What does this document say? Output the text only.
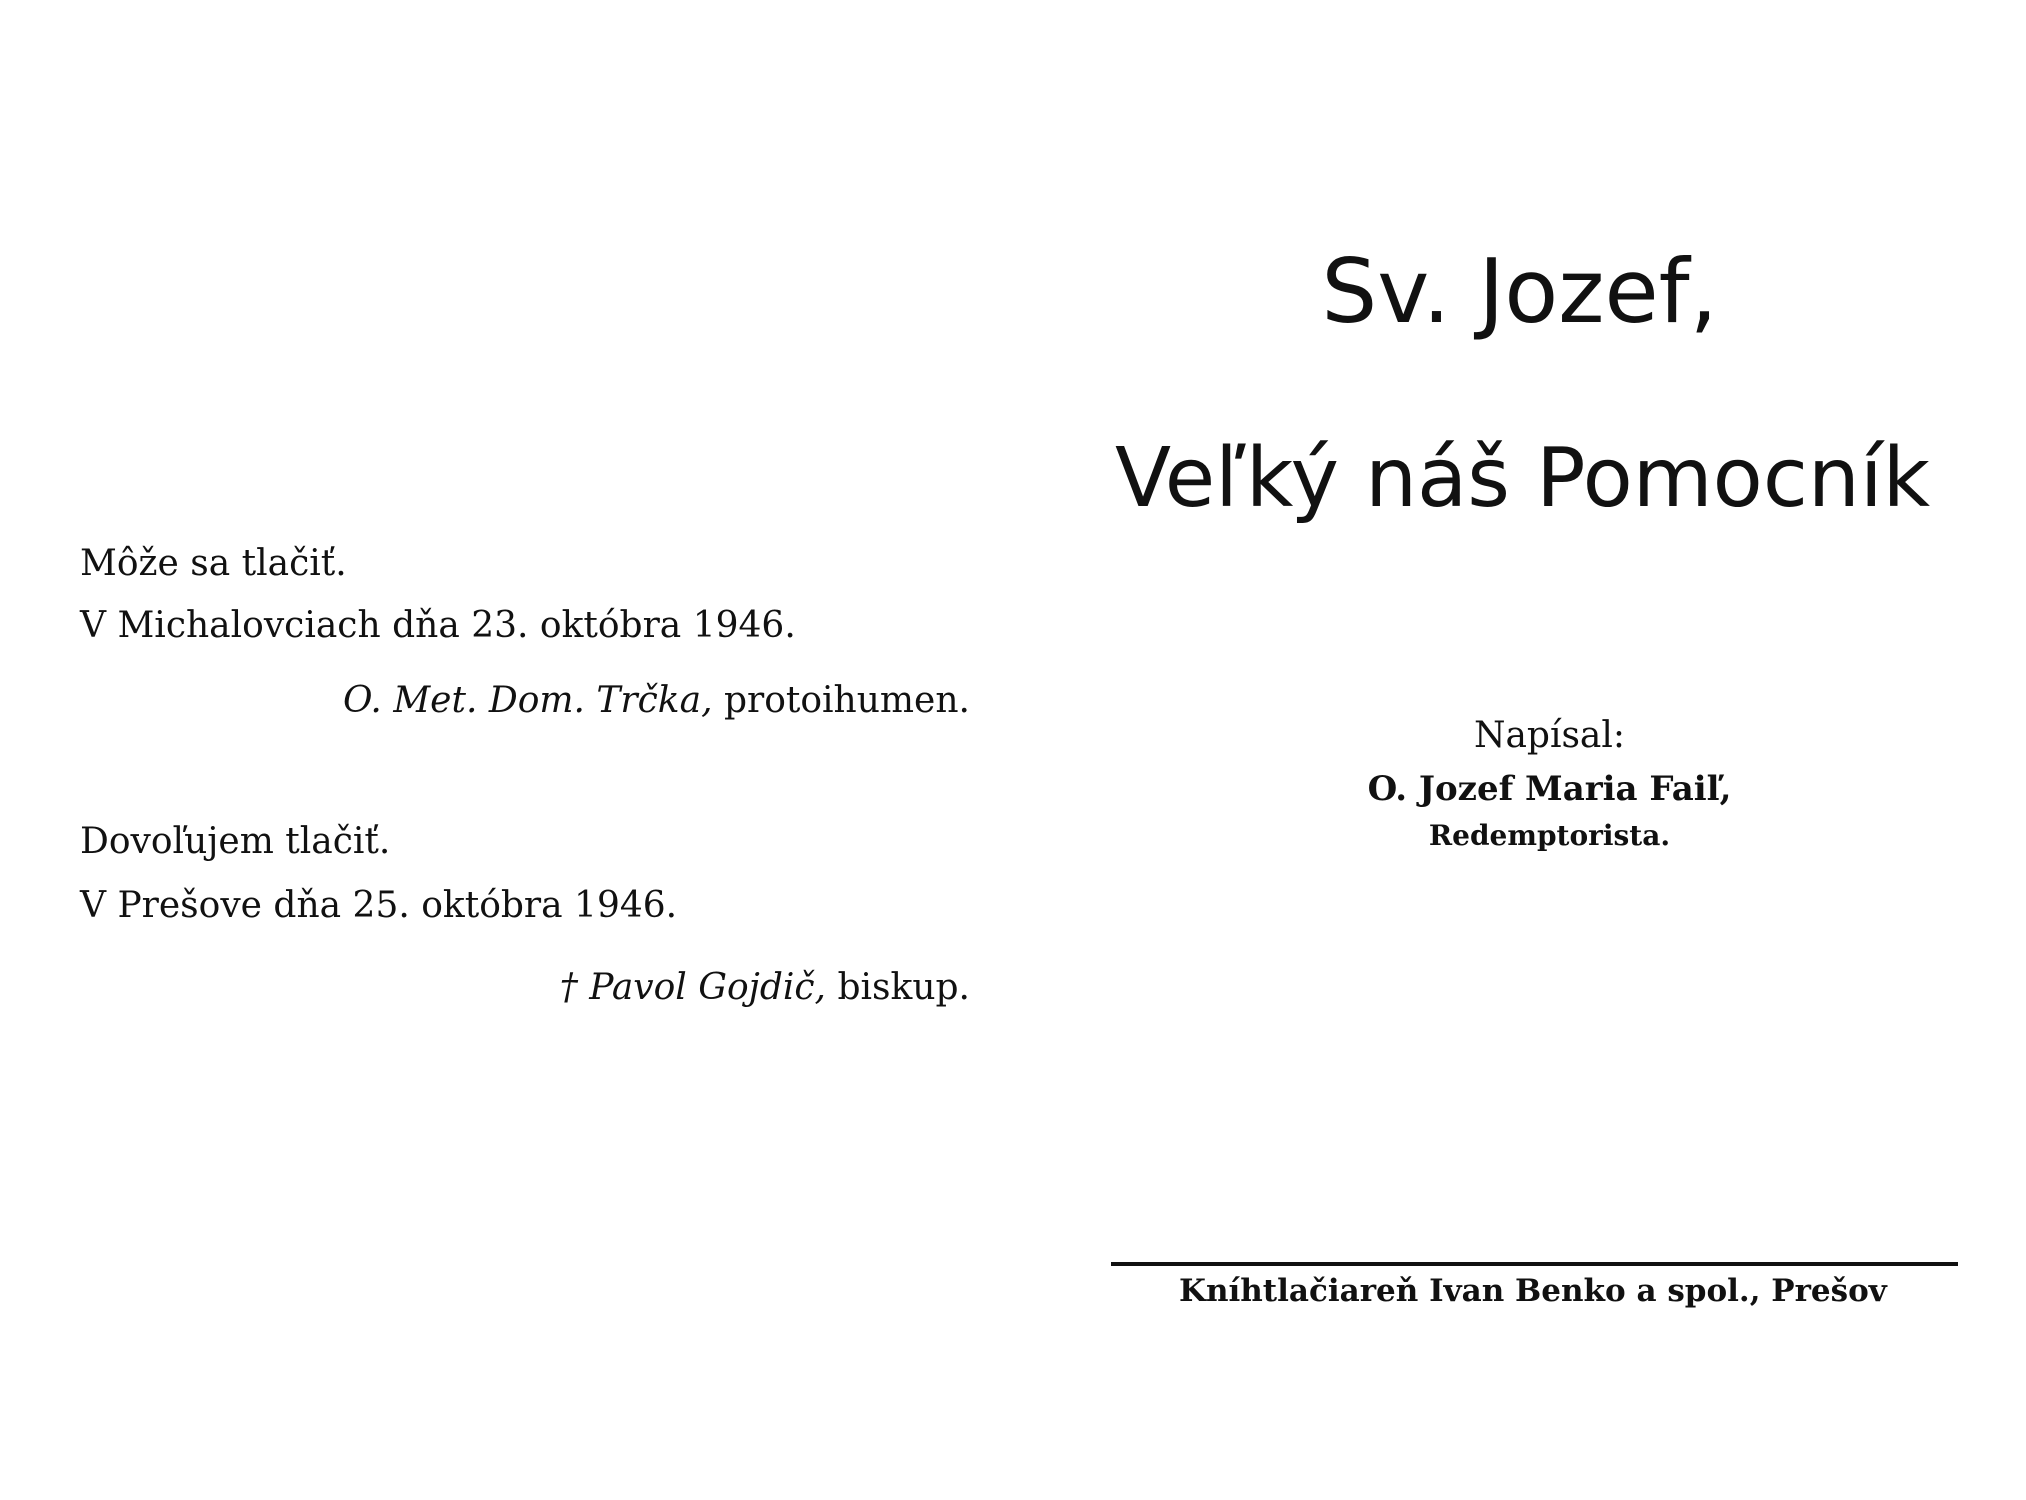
Môže sa tlačiť.
V Michalovciach dňa 23. októbra 1946.
O. Met. Dom. Trčka, protoihumen.
Dovoľujem tlačiť.
V Prešove dňa 25. októbra 1946.
† Pavol Gojdič, biskup.
Sv. Jozef,
Veľký náš Pomocník
Napísal:
O. Jozef Maria Faiľ,
Redemptorista.
Kníhtlačiareň Ivan Benko a spol., Prešov
